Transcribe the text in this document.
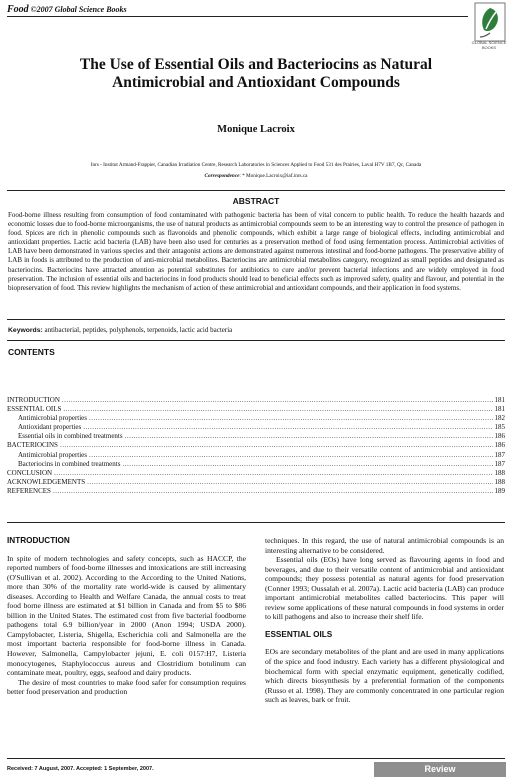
Food ©2007 Global Science Books
GLOBAL SCIENCE BOOKS
The Use of Essential Oils and Bacteriocins as Natural
Antimicrobial and Antioxidant Compounds
Monique Lacroix
Inrs - Institut Armand-Frappier, Canadian Irradiation Centre, Research Laboratories in Sciences Applied to Food 531 des Prairies, Laval H7V 1B7, Qc, Canada
Correspondence: * Monique.Lacroix@iaf.inrs.ca
ABSTRACT
Food-borne illness resulting from consumption of food contaminated with pathogenic bacteria has been of vital concern to public health. To reduce the health hazards and economic losses due to food-borne microorganisms, the use of natural products as antimicrobial compounds seem to be an interesting way to control the presence of pathogen in food. Spices are rich in phenolic compounds such as flavonoids and phenolic compounds, which exhibit a large range of biological effects, including antimicrobial and antioxidant properties. Lactic acid bacteria (LAB) have been also used for centuries as a preservation method of food using fermentation process. Antimicrobial activities of LAB have been demonstrated in various species and their antagonist actions are demonstrated against numerous intestinal and food-borne pathogens. The preservative ability of LAB in foods is attributed to the production of anti-microbial metabolites. Bacteriocins are antimicrobial metabolites category, recognized as small peptides and designated as bacteriocins. Bacteriocins have attracted attention as potential substitutes for antibiotics to cure and/or prevent bacterial infections and are widely employed in food preservation. The inclusion of essential oils and bacteriocins in food products should lead to beneficial effects such as improved safety, quality and flavour, and potential in the biopreservation of food. This review highlights the mechanism of action of these antimicrobial and antioxidant compounds, and their application in food systems.
Keywords: antibacterial, peptides, polyphenols, terpenoids, lactic acid bacteria
CONTENTS
INTRODUCTION .....	181
ESSENTIAL OILS .....	181
Antimicrobial properties .....	182
Antioxidant properties .....	185
Essential oils in combined treatments .....	186
BACTERIOCINS .....	186
Antimicrobial properties .....	187
Bacteriocins in combined treatments .....	187
CONCLUSION .....	188
ACKNOWLEDGEMENTS .....	188
REFERENCES .....	189
INTRODUCTION

In spite of modern technologies and safety concepts, such as HACCP, the reported numbers of food-borne illnesses and intoxications are still increasing (O'Sullivan et al. 2002). According to the According to the United Nations, more than 30% of the mortality rate world-wide is caused by alimentary diseases. According to Health and Welfare Canada, the annual costs to treat food borne illness are estimated at $1 billion in Canada and from $5 to $86 billion in the United States. The estimated cost from five bacterial foodborne pathogens total 6.9 billion/year in 2000 (Anon 1994; USDA 2000). Campylobacter, Listeria, Shigella, Escherichia coli and Salmonella are the most important bacteria responsible for food-borne illness in Canada. However, Salmonella, Campylobacter jejuni, E. coli 0157:H7, Listeria monocytogenes, Staphylococcus aureus and Clostridium botulinum can contaminate meat, poultry, eggs, seafood and dairy products.

The desire of most countries to make food safer for consumption requires better food preservation and production

techniques. In this regard, the use of natural antimicrobial compounds is an interesting alternative to be considered.

Essential oils (EOs) have long served as flavouring agents in food and beverages, and due to their versatile content of antimicrobial and antioxidant compounds; they possess potential as natural agents for food preservation (Conner 1993; Oussalah et al. 2007a). Lactic acid bacteria (LAB) can produce important antimicrobial metabolites called bacteriocins. This paper will review some applications of these natural compounds in food systems in order to kill pathogens and also to increase their shelf life.

ESSENTIAL OILS

EOs are secondary metabolites of the plant and are used in many applications of the spice and food industry. Each variety has a different physiological and biochemical form with special enzymatic equipment, genetically codified, which directs biosynthesis by a preferential formation of the components (Russo et al. 1998). They are commonly concentrated in one particular region such as leaves, bark or fruit.

Received: 7 August, 2007. Accepted: 1 September, 2007.	Review
